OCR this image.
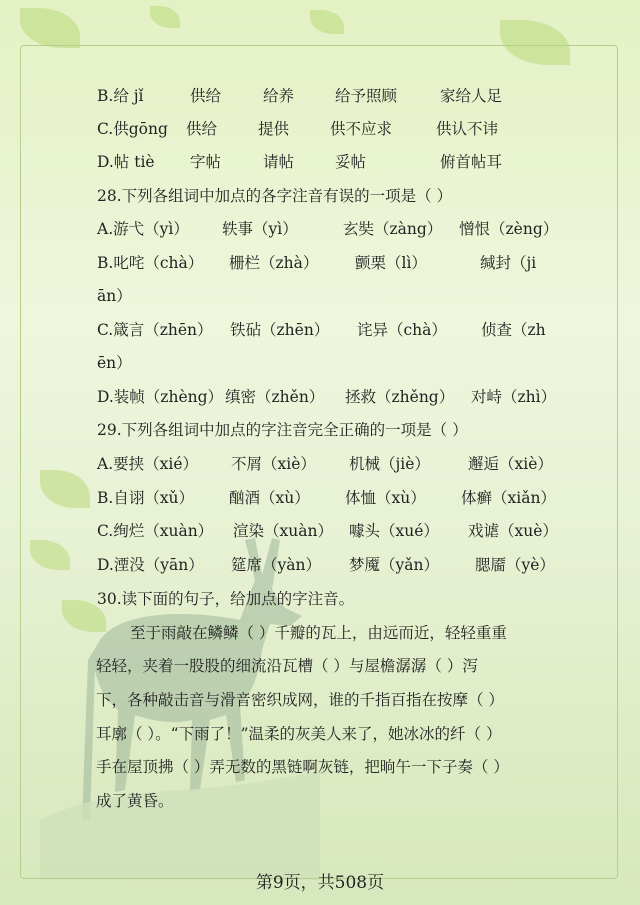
B.给 jǐ	供给	给养	给予照顾	家给人足
C.供gōng 供给	提供	供不应求	供认不讳
D.帖 tiè 字帖	请帖	妥帖	俯首帖耳
28.下列各组词中加点的各字注音有误的一项是（ ）
A.游弋（yì） 轶事（yì）	玄奘（zàng） 憎恨（zèng）
B.叱咤（chà） 栅栏（zhà） 颤栗（lì）	缄封（ji
ān）
C.箴言（zhēn） 铁砧（zhēn） 诧异（chà） 侦查（zh
ēn）
D.装帧（zhèng） 缜密（zhěn） 拯救（zhěng） 对峙（zhì）
29.下列各组词中加点的字注音完全正确的一项是（ ）
A.要挟（xié） 不屑（xiè） 机械（jiè） 邂逅（xiè）
B.自诩（xǔ） 酗酒（xù） 体恤（xù） 体癣（xiǎn）
C.绚烂（xuàn） 渲染（xuàn） 噱头（xué） 戏谑（xuè）
D.湮没（yān） 筵席（yàn） 梦魇（yǎn） 腮靥（yè）
30.读下面的句子，给加点的字注音。
至于雨敲在鳞鳞（ ）千瓣的瓦上，由远而近，轻轻重重
轻轻，夹着一股股的细流沿瓦槽（ ）与屋檐潺潺（ ）泻
下，各种敲击音与滑音密织成网，谁的千指百指在按摩（ ）
耳廓（ ）。“下雨了！”温柔的灰美人来了，她冰冰的纤（ ）
手在屋顶拂（ ）弄无数的黑链啊灰链，把晌午一下子奏（ ）
成了黄昏。
第9页，共508页
